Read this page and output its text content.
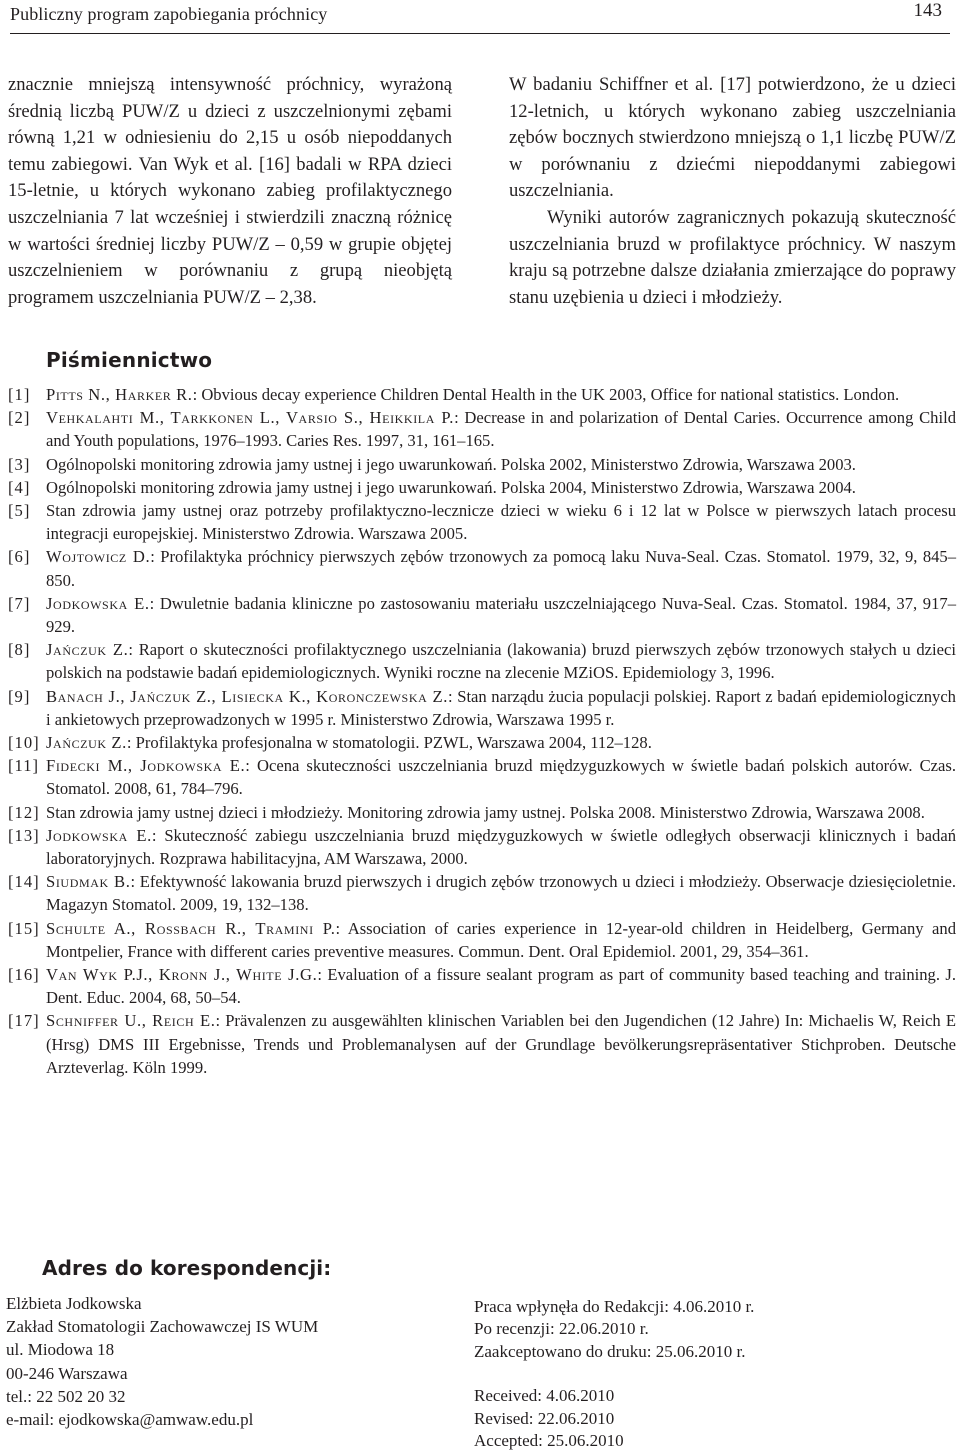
Publiczny program zapobiegania próchnicy	143

znacznie mniejszą intensywność próchnicy, wyrażoną średnią liczbą PUW/Z u dzieci z uszczelnionymi zębami równą 1,21 w odniesieniu do 2,15 u osób niepoddanych temu zabiegowi. Van Wyk et al. [16] badali w RPA dzieci 15-letnie, u których wykonano zabieg profilaktycznego uszczelniania 7 lat wcześniej i stwierdzili znaczną różnicę w wartości średniej liczby PUW/Z – 0,59 w grupie objętej uszczelnieniem w porównaniu z grupą nieobjętą programem uszczelniania PUW/Z – 2,38.

W badaniu Schiffner et al. [17] potwierdzono, że u dzieci 12-letnich, u których wykonano zabieg uszczelniania zębów bocznych stwierdzono mniejszą o 1,1 liczbę PUW/Z w porównaniu z dziećmi niepoddanymi zabiegowi uszczelniania.

Wyniki autorów zagranicznych pokazują skuteczność uszczelniania bruzd w profilaktyce próchnicy. W naszym kraju są potrzebne dalsze działania zmierzające do poprawy stanu uzębienia u dzieci i młodzieży.

Piśmiennictwo
[1] Pitts N., Harker R.: Obvious decay experience Children Dental Health in the UK 2003, Office for national statistics. London.
[2] Vehkalahti M., Tarkkonen L., Varsio S., Heikkila P.: Decrease in and polarization of Dental Caries. Occurrence among Child and Youth populations, 1976–1993. Caries Res. 1997, 31, 161–165.
[3] Ogólnopolski monitoring zdrowia jamy ustnej i jego uwarunkowań. Polska 2002, Ministerstwo Zdrowia, Warszawa 2003.
[4] Ogólnopolski monitoring zdrowia jamy ustnej i jego uwarunkowań. Polska 2004, Ministerstwo Zdrowia, Warszawa 2004.
[5] Stan zdrowia jamy ustnej oraz potrzeby profilaktyczno-lecznicze dzieci w wieku 6 i 12 lat w Polsce w pierwszych latach procesu integracji europejskiej. Ministerstwo Zdrowia. Warszawa 2005.
[6] Wojtowicz D.: Profilaktyka próchnicy pierwszych zębów trzonowych za pomocą laku Nuva-Seal. Czas. Stomatol. 1979, 32, 9, 845–850.
[7] Jodkowska E.: Dwuletnie badania kliniczne po zastosowaniu materiału uszczelniającego Nuva-Seal. Czas. Stomatol. 1984, 37, 917–929.
[8] Jańczuk Z.: Raport o skuteczności profilaktycznego uszczelniania (lakowania) bruzd pierwszych zębów trzonowych stałych u dzieci polskich na podstawie badań epidemiologicznych. Wyniki roczne na zlecenie MZiOS. Epidemiology 3, 1996.
[9] Banach J., Jańczuk Z., Lisiecka K., Koronczewska Z.: Stan narządu żucia populacji polskiej. Raport z badań epidemiologicznych i ankietowych przeprowadzonych w 1995 r. Ministerstwo Zdrowia, Warszawa 1995 r.
[10] Jańczuk Z.: Profilaktyka profesjonalna w stomatologii. PZWL, Warszawa 2004, 112–128.
[11] Fidecki M., Jodkowska E.: Ocena skuteczności uszczelniania bruzd międzyguzkowych w świetle badań polskich autorów. Czas. Stomatol. 2008, 61, 784–796.
[12] Stan zdrowia jamy ustnej dzieci i młodzieży. Monitoring zdrowia jamy ustnej. Polska 2008. Ministerstwo Zdrowia, Warszawa 2008.
[13] Jodkowska E.: Skuteczność zabiegu uszczelniania bruzd międzyguzkowych w świetle odległych obserwacji klinicznych i badań laboratoryjnych. Rozprawa habilitacyjna, AM Warszawa, 2000.
[14] Siudmak B.: Efektywność lakowania bruzd pierwszych i drugich zębów trzonowych u dzieci i młodzieży. Obserwacje dziesięcioletnie. Magazyn Stomatol. 2009, 19, 132–138.
[15] Schulte A., Rossbach R., Tramini P.: Association of caries experience in 12-year-old children in Heidelberg, Germany and Montpelier, France with different caries preventive measures. Commun. Dent. Oral Epidemiol. 2001, 29, 354–361.
[16] Van Wyk P.J., Kronn J., White J.G.: Evaluation of a fissure sealant program as part of community based teaching and training. J. Dent. Educ. 2004, 68, 50–54.
[17] Schniffer U., Reich E.: Prävalenzen zu ausgewählten klinischen Variablen bei den Jugendichen (12 Jahre) In: Michaelis W, Reich E (Hrsg) DMS III Ergebnisse, Trends und Problemanalysen auf der Grundlage bevölkerungsrepräsentativer Stichproben. Deutsche Arzteverlag. Köln 1999.
Adres do korespondencji:
Elżbieta Jodkowska
Zakład Stomatologii Zachowawczej IS WUM
ul. Miodowa 18
00-246 Warszawa
tel.: 22 502 20 32
e-mail: ejodkowska@amwaw.edu.pl
Praca wpłynęła do Redakcji: 4.06.2010 r.
Po recenzji: 22.06.2010 r.
Zaakceptowano do druku: 25.06.2010 r.
Received: 4.06.2010
Revised: 22.06.2010
Accepted: 25.06.2010
